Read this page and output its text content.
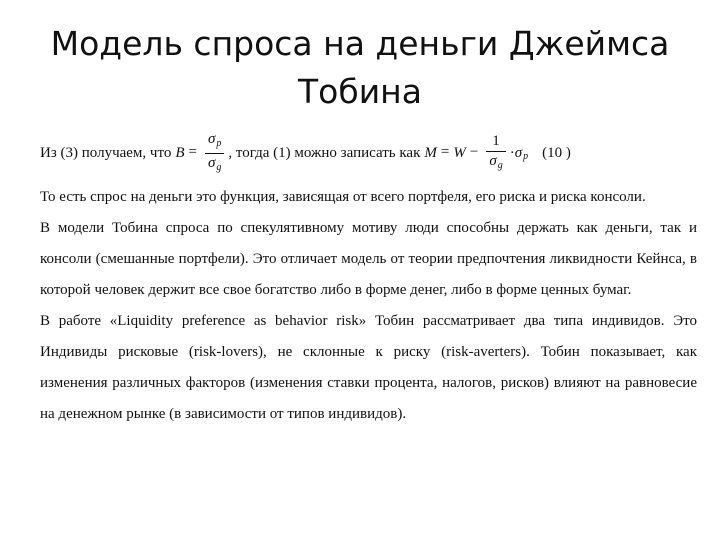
Модель спроса на деньги Джеймса
Тобина
Из (3) получаем, что $B = \frac{\sigma_p}{\sigma_g}$ , тогда (1) можно записать как $M = W - \frac{1}{\sigma_g} \cdot\sigma_p$ (10 )

То есть спрос на деньги это функция, зависящая от всего портфеля, его риска и риска консоли.

В модели Тобина спроса по спекулятивному мотиву люди способны держать как деньги, так и консоли (смешанные портфели). Это отличает модель от теории предпочтения ликвидности Кейнса, в которой человек держит все свое богатство либо в форме денег, либо в форме ценных бумаг.

В работе «Liquidity preference as behavior risk» Тобин рассматривает два типа индивидов. Это Индивиды рисковые (risk-lovers), не склонные к риску (risk-averters). Тобин показывает, как изменения различных факторов (изменения ставки процента, налогов, рисков) влияют на равновесие на денежном рынке (в зависимости от типов индивидов).
